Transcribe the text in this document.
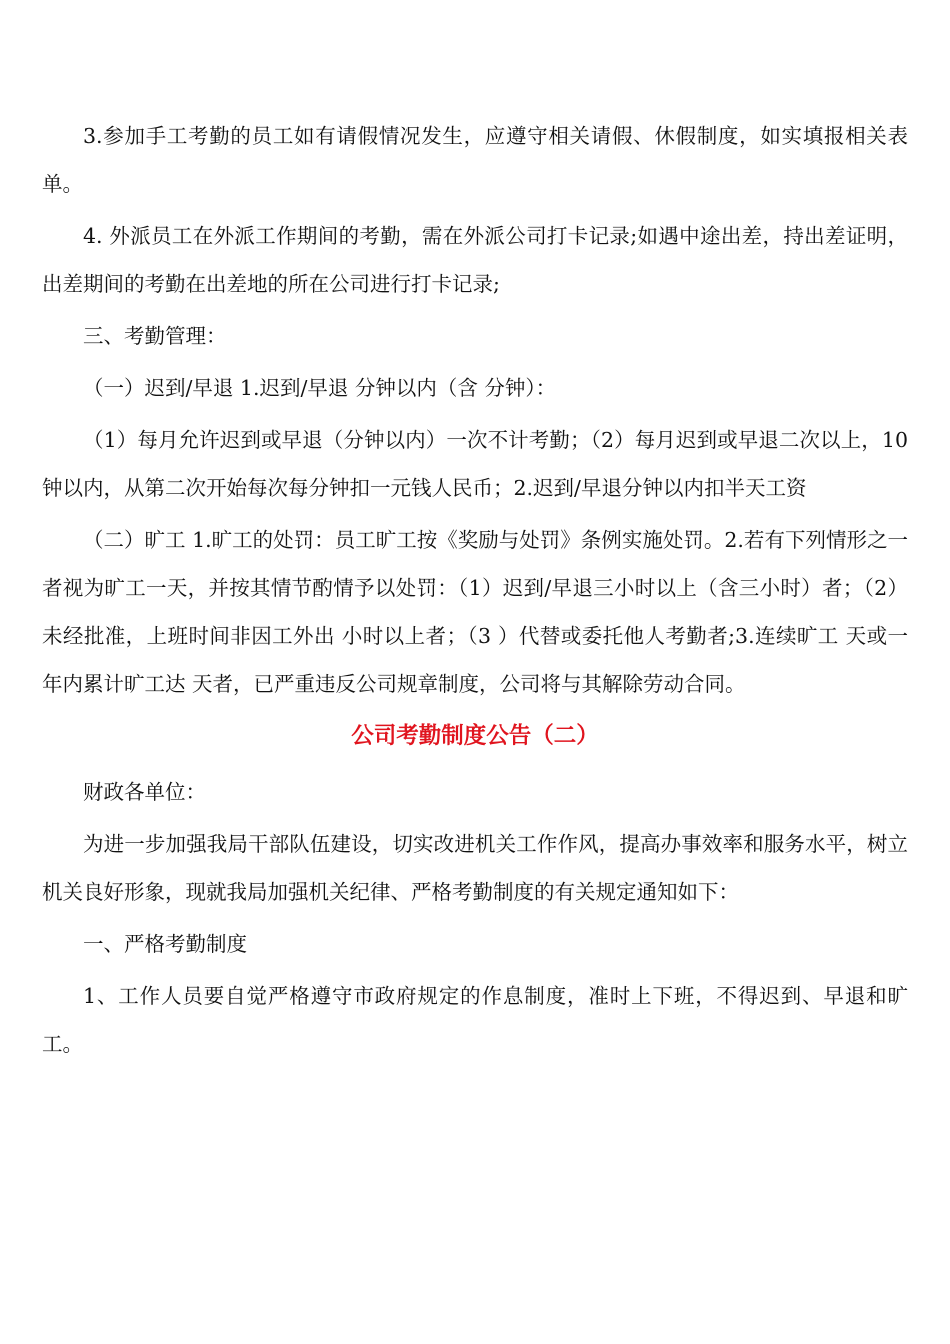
3.参加手工考勤的员工如有请假情况发生，应遵守相关请假、休假制度，如实填报相关表单。

4. 外派员工在外派工作期间的考勤，需在外派公司打卡记录;如遇中途出差，持出差证明，出差期间的考勤在出差地的所在公司进行打卡记录;

三、考勤管理：

（一）迟到/早退 1.迟到/早退 分钟以内（含 分钟）：

（1）每月允许迟到或早退（分钟以内）一次不计考勤；（2）每月迟到或早退二次以上，10 钟以内，从第二次开始每次每分钟扣一元钱人民币；2.迟到/早退分钟以内扣半天工资

（二）旷工 1.旷工的处罚：员工旷工按《奖励与处罚》条例实施处罚。2.若有下列情形之一者视为旷工一天，并按其情节酌情予以处罚：（1）迟到/早退三小时以上（含三小时）者；（2）未经批准，上班时间非因工外出 小时以上者；（3 ）代替或委托他人考勤者;3.连续旷工 天或一年内累计旷工达 天者，已严重违反公司规章制度，公司将与其解除劳动合同。

公司考勤制度公告（二）

财政各单位：

为进一步加强我局干部队伍建设，切实改进机关工作作风，提高办事效率和服务水平，树立机关良好形象，现就我局加强机关纪律、严格考勤制度的有关规定通知如下：

一、严格考勤制度

1、工作人员要自觉严格遵守市政府规定的作息制度，准时上下班，不得迟到、早退和旷工。
